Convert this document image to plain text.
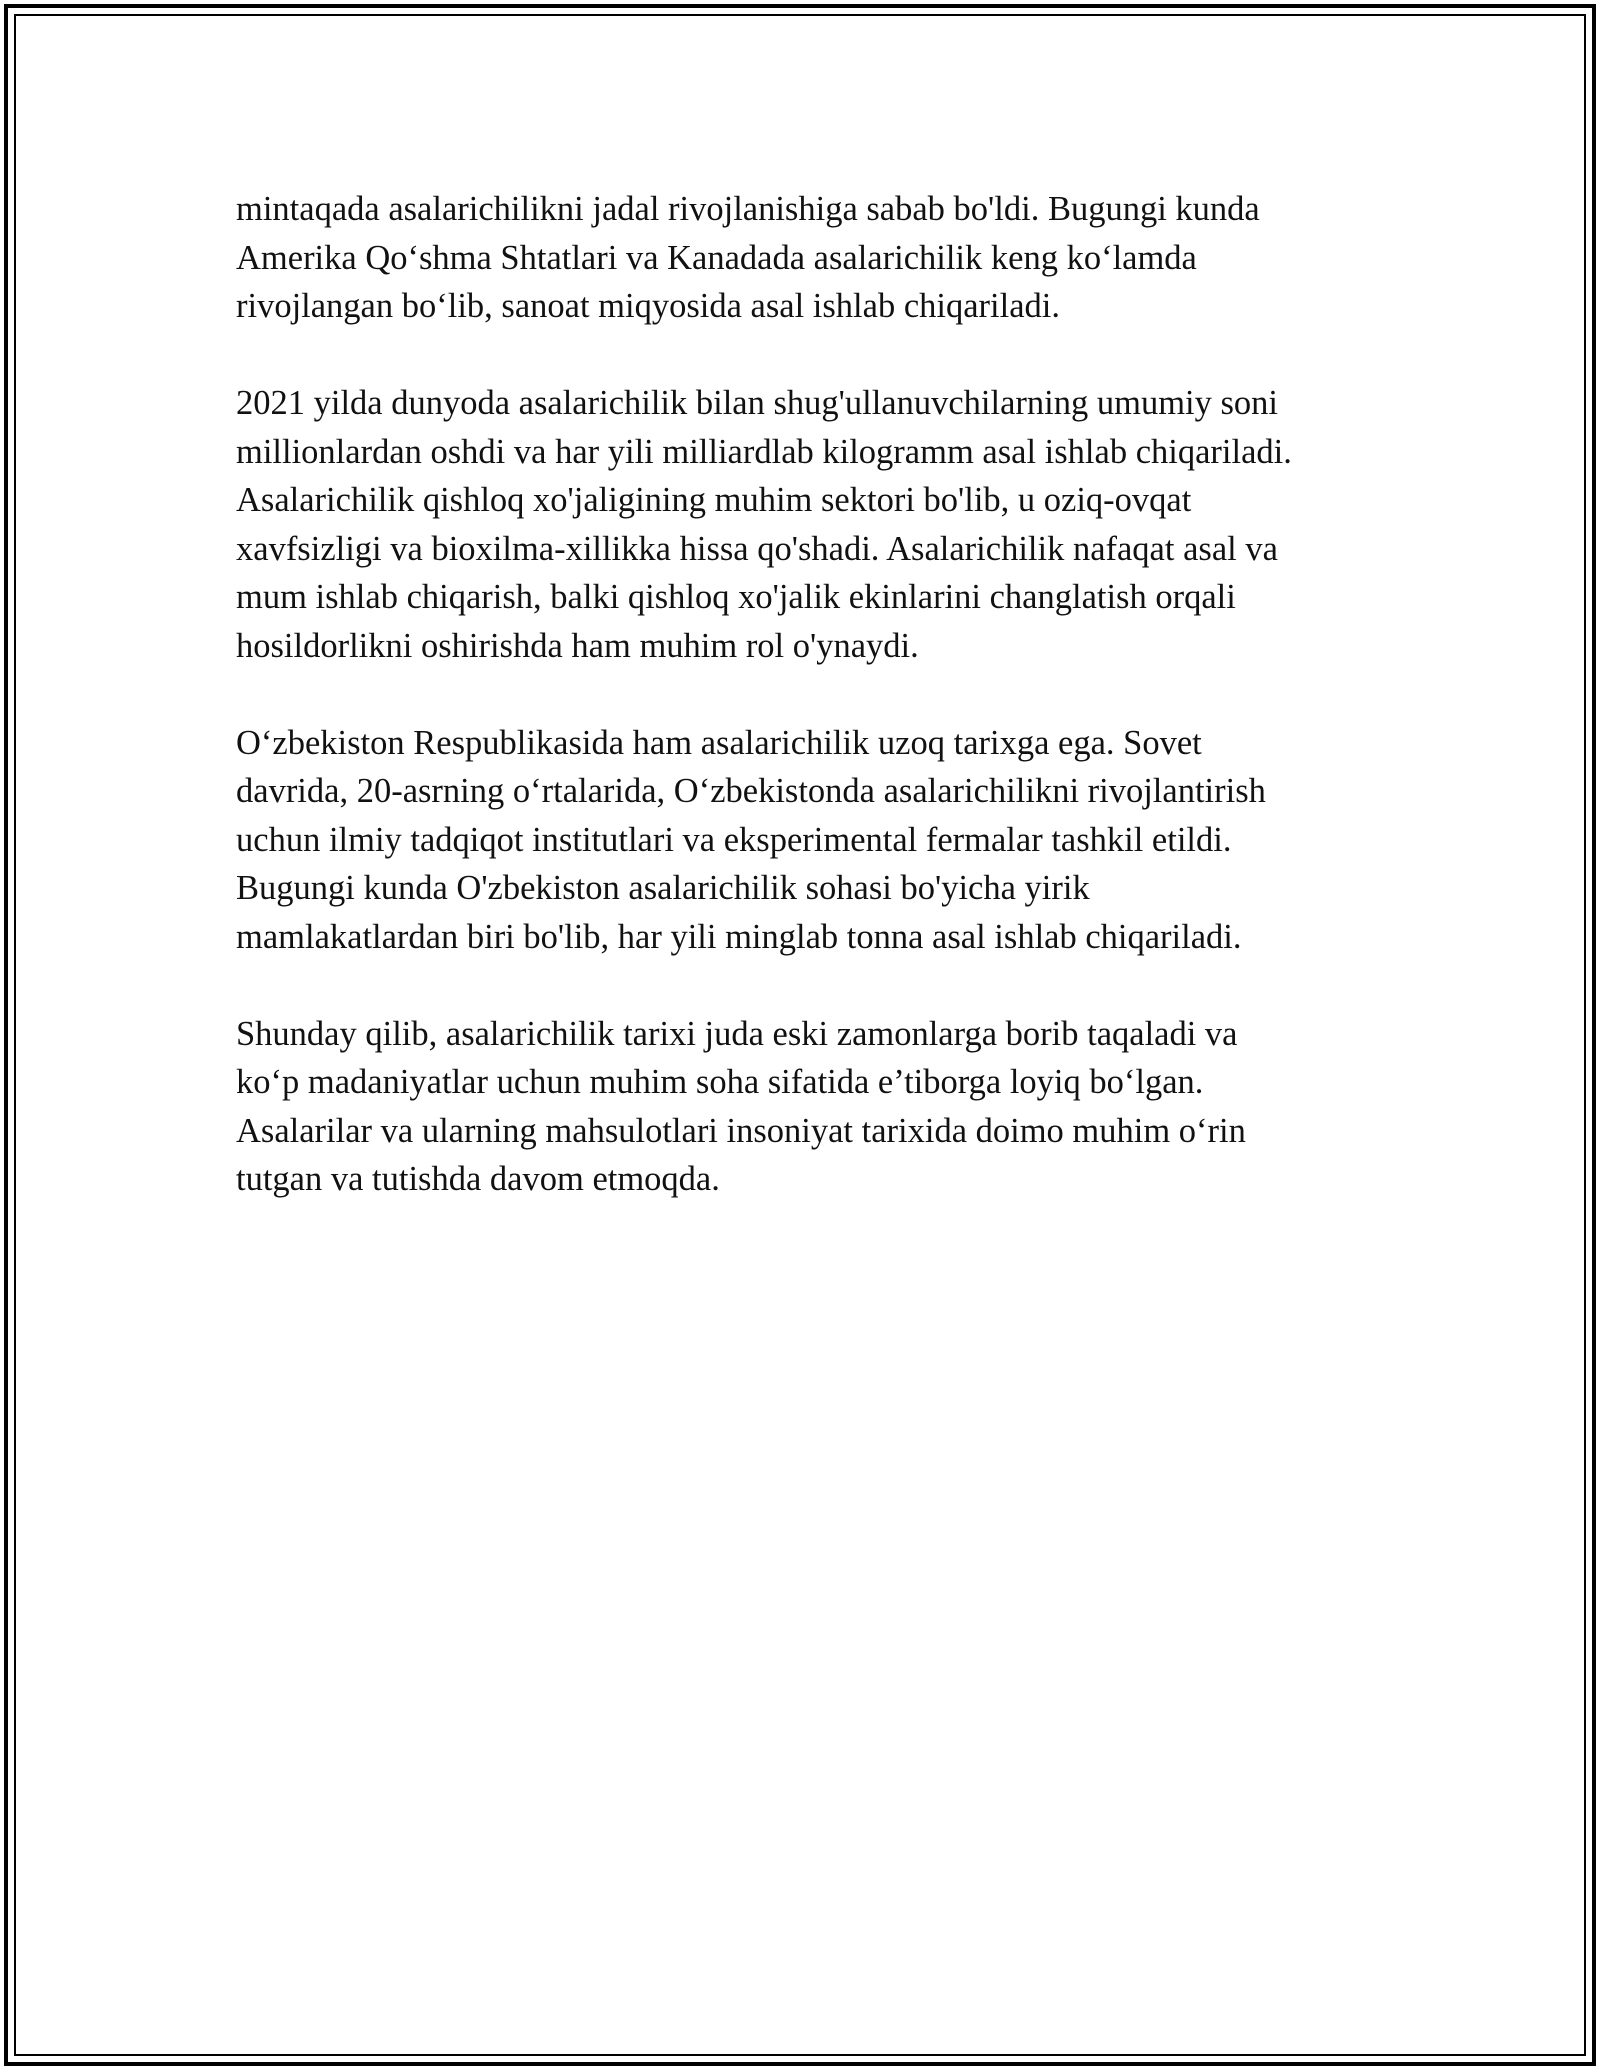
mintaqada asalarichilikni jadal rivojlanishiga sabab bo'ldi. Bugungi kunda
Amerika Qo‘shma Shtatlari va Kanadada asalarichilik keng ko‘lamda
rivojlangan bo‘lib, sanoat miqyosida asal ishlab chiqariladi.

2021 yilda dunyoda asalarichilik bilan shug'ullanuvchilarning umumiy soni
millionlardan oshdi va har yili milliardlab kilogramm asal ishlab chiqariladi.
Asalarichilik qishloq xo'jaligining muhim sektori bo'lib, u oziq-ovqat
xavfsizligi va bioxilma-xillikka hissa qo'shadi. Asalarichilik nafaqat asal va
mum ishlab chiqarish, balki qishloq xo'jalik ekinlarini changlatish orqali
hosildorlikni oshirishda ham muhim rol o'ynaydi.

O‘zbekiston Respublikasida ham asalarichilik uzoq tarixga ega. Sovet
davrida, 20-asrning o‘rtalarida, O‘zbekistonda asalarichilikni rivojlantirish
uchun ilmiy tadqiqot institutlari va eksperimental fermalar tashkil etildi.
Bugungi kunda O'zbekiston asalarichilik sohasi bo'yicha yirik
mamlakatlardan biri bo'lib, har yili minglab tonna asal ishlab chiqariladi.

Shunday qilib, asalarichilik tarixi juda eski zamonlarga borib taqaladi va
ko‘p madaniyatlar uchun muhim soha sifatida e’tiborga loyiq bo‘lgan.
Asalarilar va ularning mahsulotlari insoniyat tarixida doimo muhim o‘rin
tutgan va tutishda davom etmoqda.
